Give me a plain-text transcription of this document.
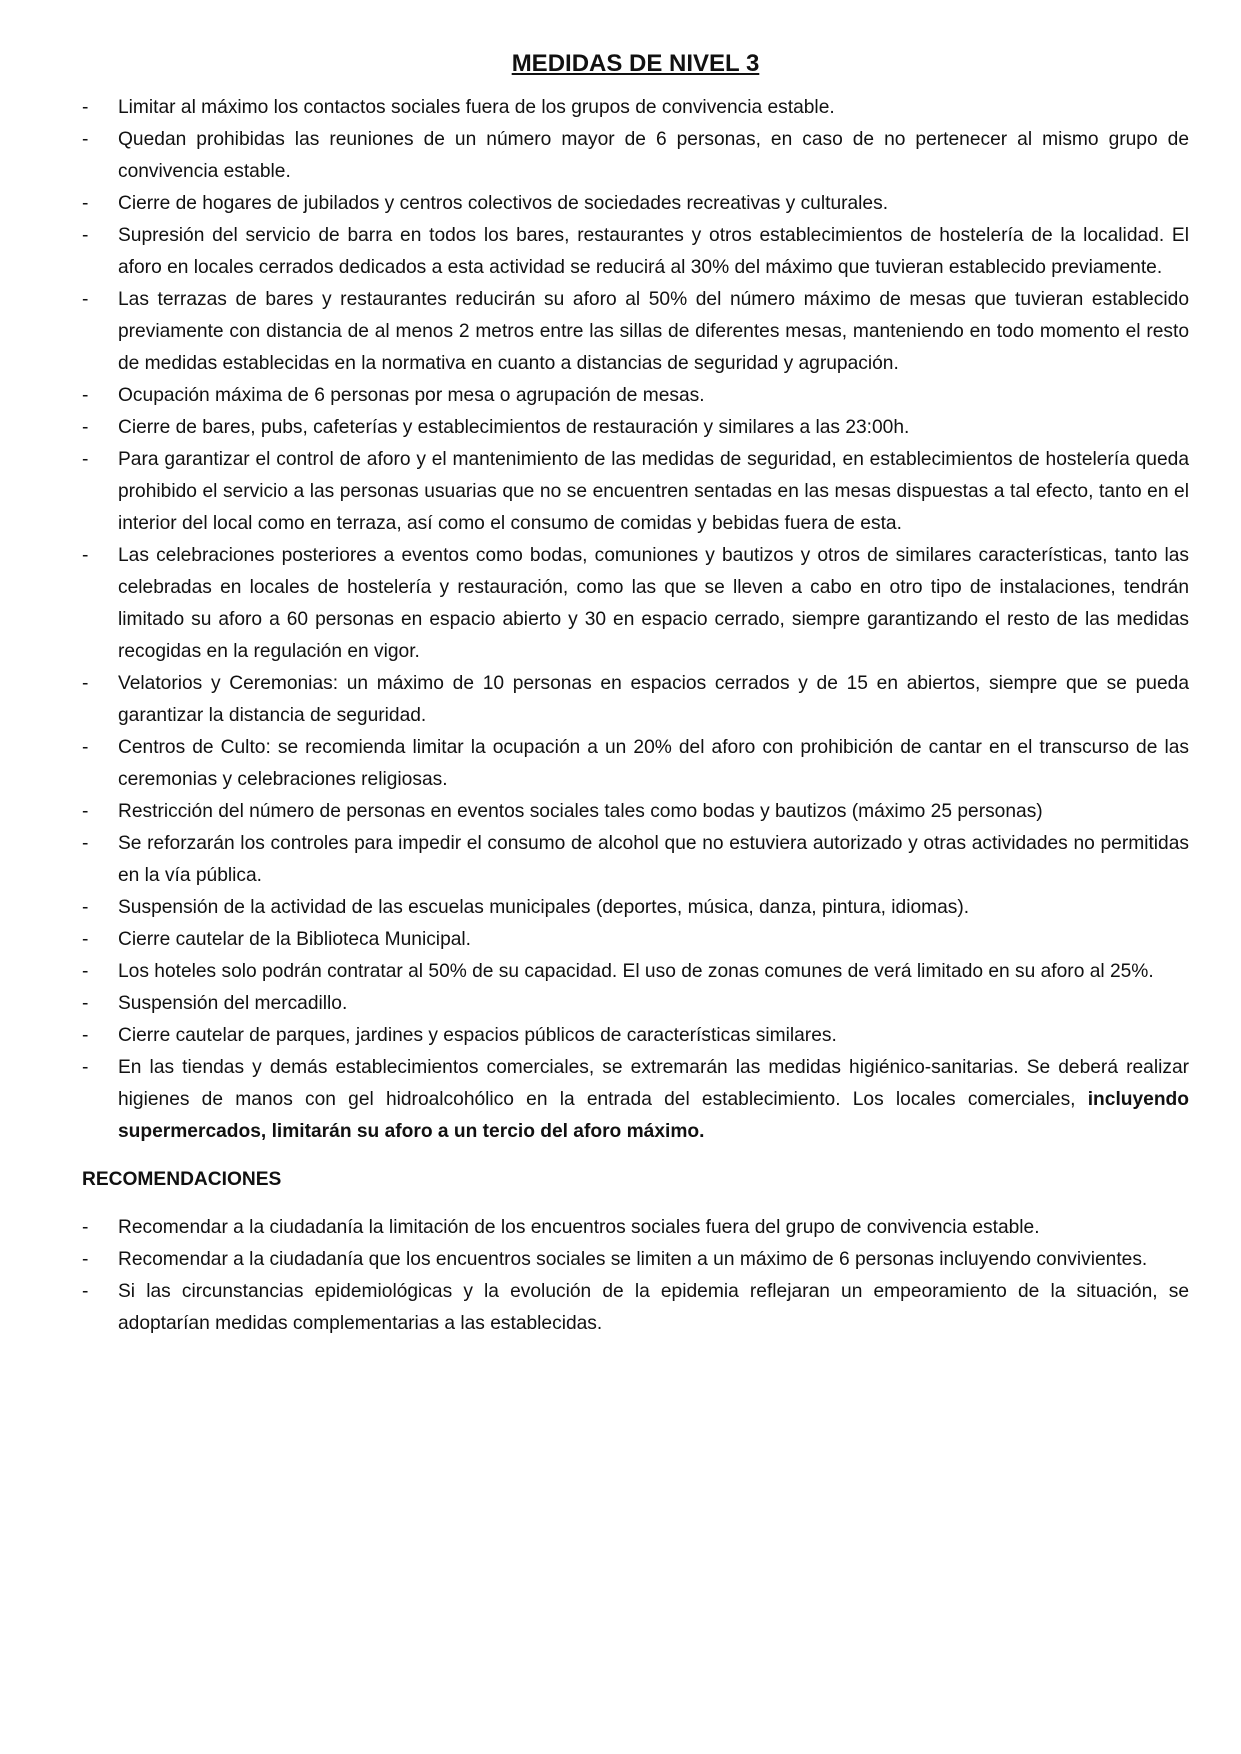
MEDIDAS DE NIVEL 3
-	Limitar al máximo los contactos sociales fuera de los grupos de convivencia estable.
-	Quedan prohibidas las reuniones de un número mayor de 6 personas, en caso de no pertenecer al mismo grupo de convivencia estable.
-	Cierre de hogares de jubilados y centros colectivos de sociedades recreativas y culturales.
-	Supresión del servicio de barra en todos los bares, restaurantes y otros establecimientos de hostelería de la localidad. El aforo en locales cerrados dedicados a esta actividad se reducirá al 30% del máximo que tuvieran establecido previamente.
-	Las terrazas de bares y restaurantes reducirán su aforo al 50% del número máximo de mesas que tuvieran establecido previamente con distancia de al menos 2 metros entre las sillas de diferentes mesas, manteniendo en todo momento el resto de medidas establecidas en la normativa en cuanto a distancias de seguridad y agrupación.
-	Ocupación máxima de 6 personas por mesa o agrupación de mesas.
-	Cierre de bares, pubs, cafeterías y establecimientos de restauración y similares a las 23:00h.
-	Para garantizar el control de aforo y el mantenimiento de las medidas de seguridad, en establecimientos de hostelería queda prohibido el servicio a las personas usuarias que no se encuentren sentadas en las mesas dispuestas a tal efecto, tanto en el interior del local como en terraza, así como el consumo de comidas y bebidas fuera de esta.
-	Las celebraciones posteriores a eventos como bodas, comuniones y bautizos y otros de similares características, tanto las celebradas en locales de hostelería y restauración, como las que se lleven a cabo en otro tipo de instalaciones, tendrán limitado su aforo a 60 personas en espacio abierto y 30 en espacio cerrado, siempre garantizando el resto de las medidas recogidas en la regulación en vigor.
-	Velatorios y Ceremonias: un máximo de 10 personas en espacios cerrados y de 15 en abiertos, siempre que se pueda garantizar la distancia de seguridad.
-	Centros de Culto: se recomienda limitar la ocupación a un 20% del aforo con prohibición de cantar en el transcurso de las ceremonias y celebraciones religiosas.
-	Restricción del número de personas en eventos sociales tales como bodas y bautizos (máximo 25 personas)
-	Se reforzarán los controles para impedir el consumo de alcohol que no estuviera autorizado y otras actividades no permitidas en la vía pública.
-	Suspensión de la actividad de las escuelas municipales (deportes, música, danza, pintura, idiomas).
-	Cierre cautelar de la Biblioteca Municipal.
-	Los hoteles solo podrán contratar al 50% de su capacidad. El uso de zonas comunes de verá limitado en su aforo al 25%.
-	Suspensión del mercadillo.
-	Cierre cautelar de parques, jardines y espacios públicos de características similares.
-	En las tiendas y demás establecimientos comerciales, se extremarán las medidas higiénico-sanitarias. Se deberá realizar higienes de manos con gel hidroalcohólico en la entrada del establecimiento. Los locales comerciales, incluyendo supermercados, limitarán su aforo a un tercio del aforo máximo.
RECOMENDACIONES
-	Recomendar a la ciudadanía la limitación de los encuentros sociales fuera del grupo de convivencia estable.
-	Recomendar a la ciudadanía que los encuentros sociales se limiten a un máximo de 6 personas incluyendo convivientes.
-	Si las circunstancias epidemiológicas y la evolución de la epidemia reflejaran un empeoramiento de la situación, se adoptarían medidas complementarias a las establecidas.
